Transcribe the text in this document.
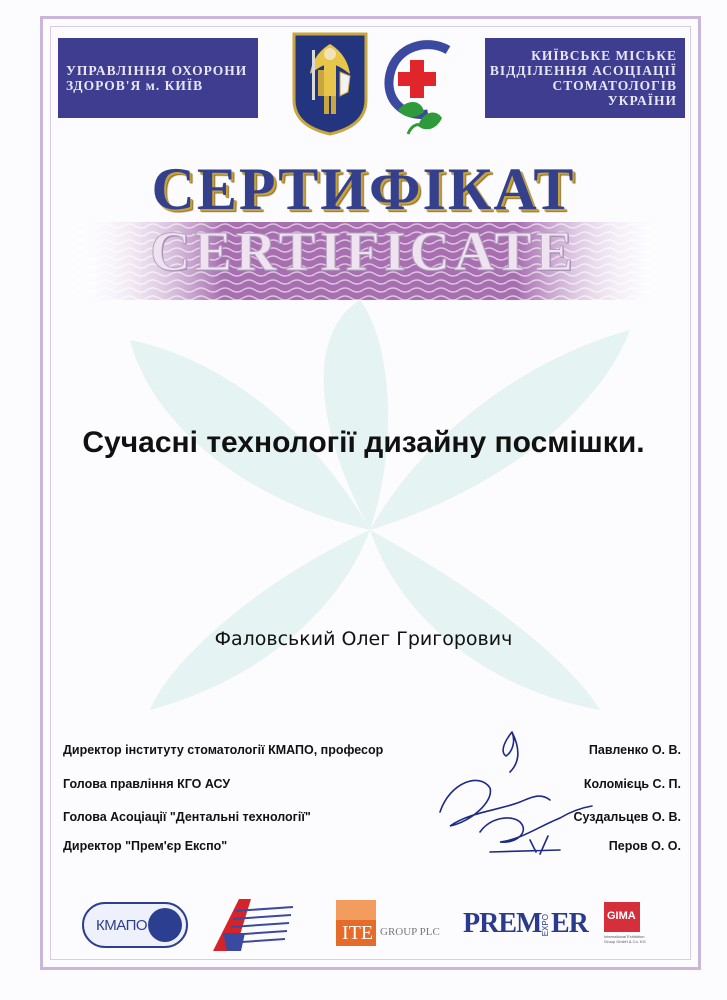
УПРАВЛІННЯ ОХОРОНИ
ЗДОРОВ'Я м. КИЇВ
КИЇВСЬКЕ МІСЬКЕ
ВІДДІЛЕННЯ АСОЦІАЦІЇ
СТОМАТОЛОГІВ УКРАЇНИ
СЕРТИФІКАТ
CERTIFICATE
Сучасні технології дизайну посмішки.
Фаловський Олег Григорович
Директор інституту стоматології КМАПО, професор	Павленко О. В.
Голова правління КГО АСУ	Коломієць С. П.
Голова Асоціації "Дентальні технології"	Суздальцев О. В.
Директор "Прем'єр Експо"	Перов О. О.
КМАПО	ITE GROUP PLC PREM EXPO ER GIMA
International Exhibition Group GmbH & Co. KG
